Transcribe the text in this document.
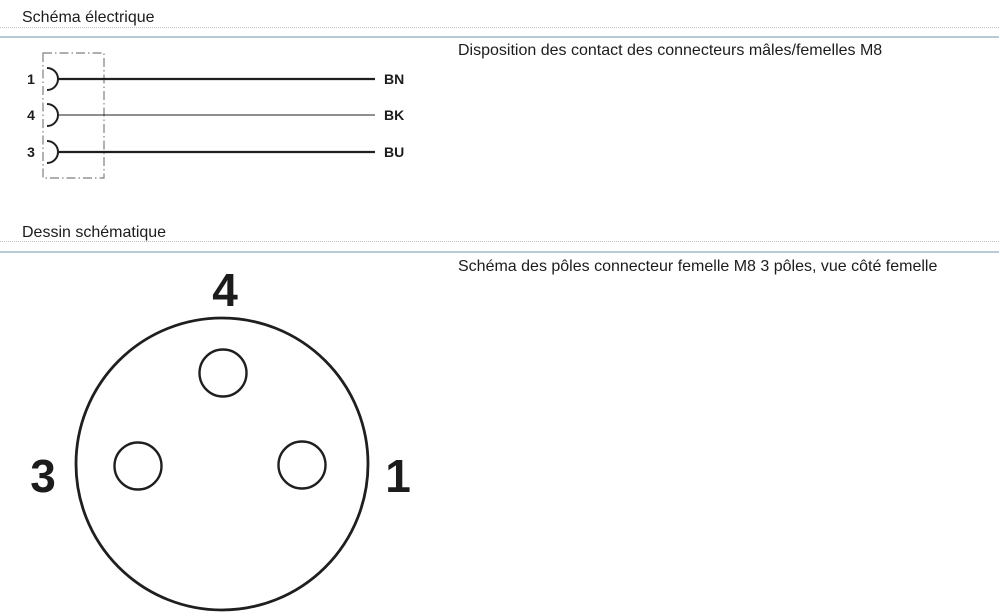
Schéma électrique
1	BN
4	BK
3	BU
Disposition des contact des connecteurs mâles/femelles M8
Dessin schématique
4
3	1
Schéma des pôles connecteur femelle M8 3 pôles, vue côté femelle
